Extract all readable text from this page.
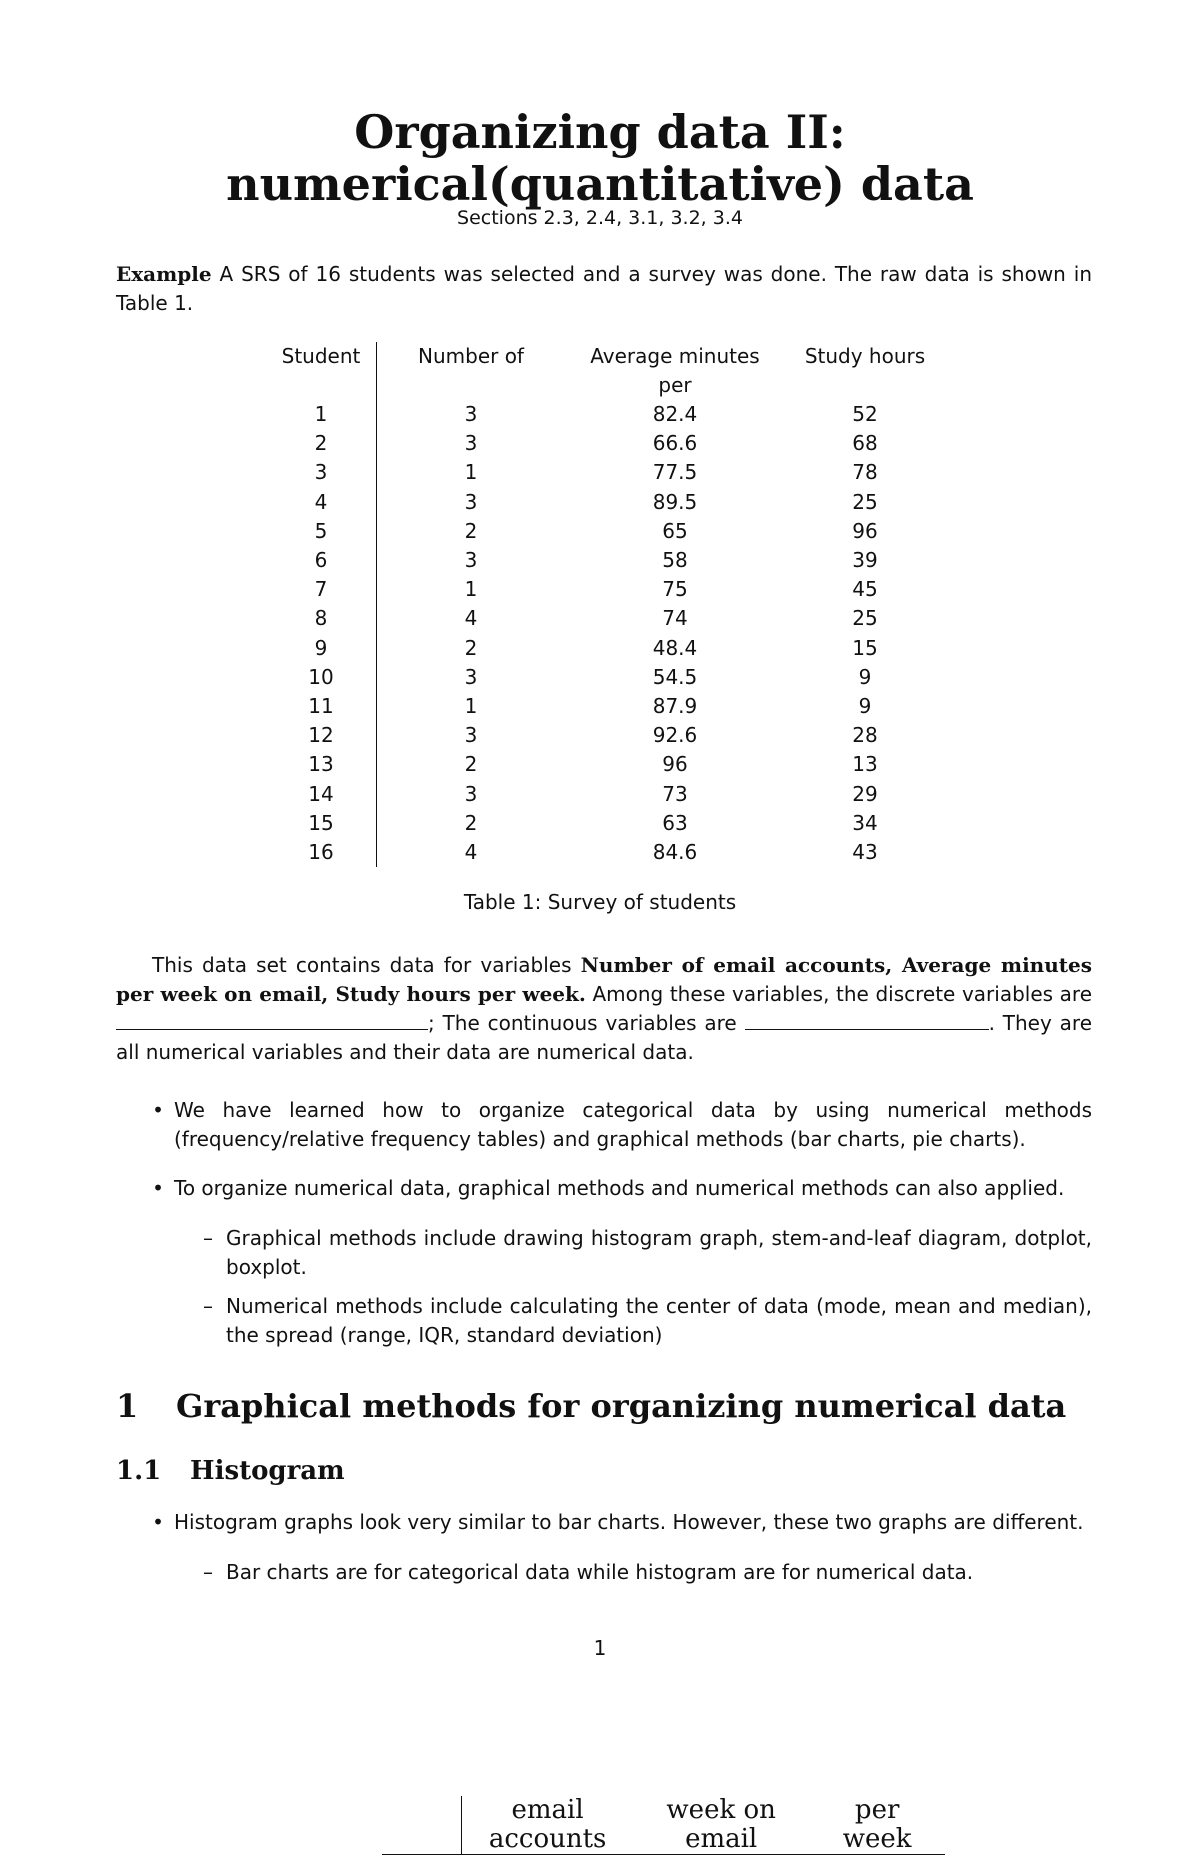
Organizing data II:
numerical(quantitative) data
Sections 2.3, 2.4, 3.1, 3.2, 3.4
Example A SRS of 16 students was selected and a survey was done. The raw data is shown in Table 1.
Student	Number of	Average minutes per	Study hours

	email accounts	week on email	per week
1	3	82.4	52
2	3	66.6	68
3	1	77.5	78
4	3	89.5	25
5	2	65	96
6	3	58	39
7	1	75	45
8	4	74	25
9	2	48.4	15
10	3	54.5	9
11	1	87.9	9
12	3	92.6	28
13	2	96	13
14	3	73	29
15	2	63	34
16	4	84.6	43
Table 1: Survey of students
This data set contains data for variables Number of email accounts, Average minutes per week on email, Study hours per week. Among these variables, the discrete variables are ; The continuous variables are	. They are all numerical variables and their data are numerical data.
• We have learned how to organize categorical data by using numerical methods (frequency/relative frequency tables) and graphical methods (bar charts, pie charts).
• To organize numerical data, graphical methods and numerical methods can also applied.
– Graphical methods include drawing histogram graph, stem-and-leaf diagram, dotplot, boxplot.
– Numerical methods include calculating the center of data (mode, mean and median), the spread (range, IQR, standard deviation)
1 Graphical methods for organizing numerical data
1.1 Histogram
• Histogram graphs look very similar to bar charts. However, these two graphs are different.
– Bar charts are for categorical data while histogram are for numerical data.
1
